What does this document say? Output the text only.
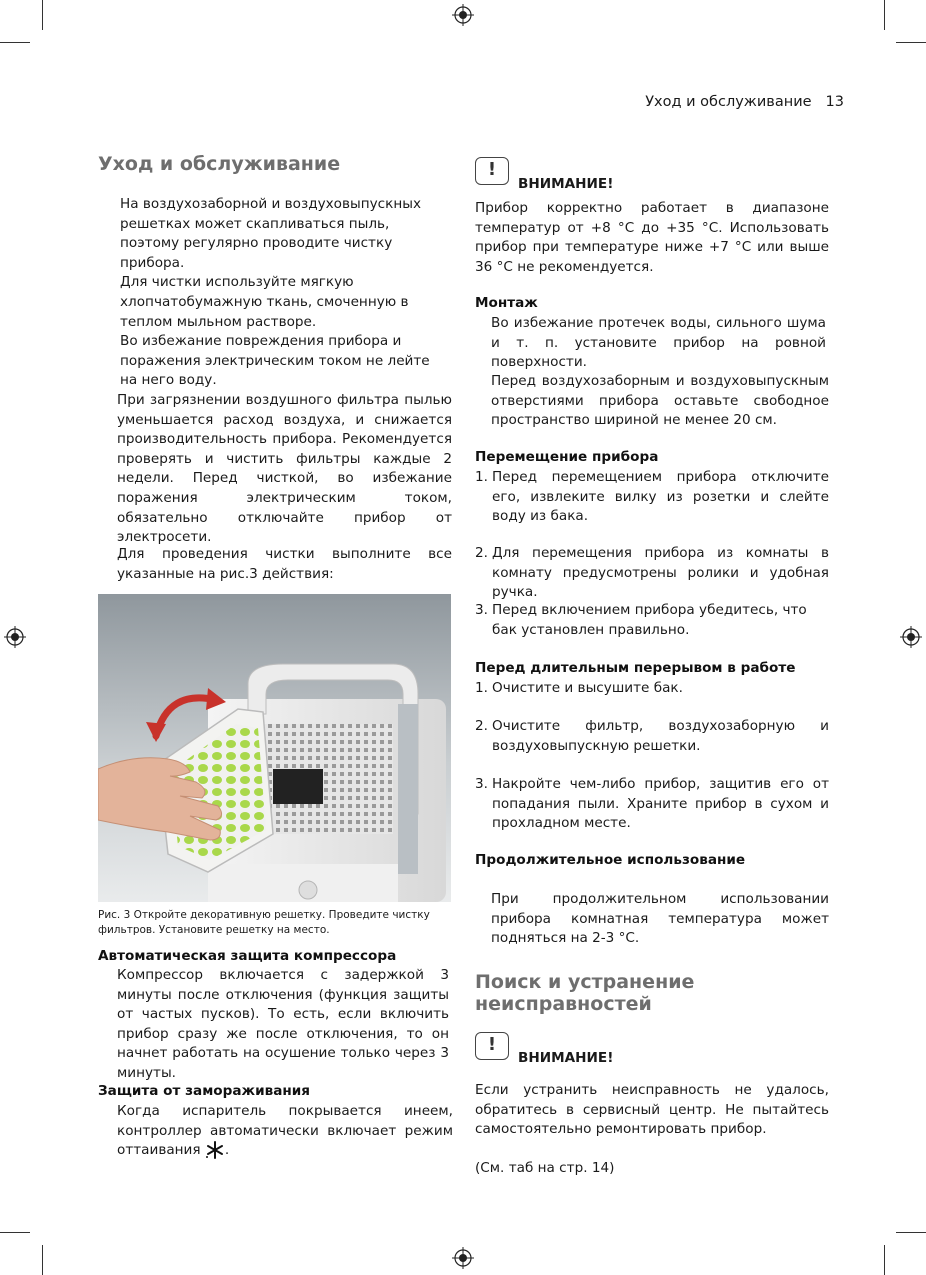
Уход и обслуживание 13
Уход и обслуживание
На воздухозаборной и воздуховыпускных решетках может скапливаться пыль, поэтому регулярно проводите чистку прибора.
Для чистки используйте мягкую хлопчатобумажную ткань, смоченную в теплом мыльном растворе.
Во избежание повреждения прибора и поражения электрическим током не лейте на него воду.
При загрязнении воздушного фильтра пылью уменьшается расход воздуха, и снижается производительность прибора. Рекомендуется проверять и чистить фильтры каждые 2 недели. Перед чисткой, во избежание поражения электрическим током, обязательно отключайте прибор от электросети.
Для проведения чистки выполните все указанные на рис.3 действия:
Рис. 3 Откройте декоративную решетку. Проведите чистку фильтров. Установите решетку на место.
Автоматическая защита компрессора
Компрессор включается с задержкой 3 минуты после отключения (функция защиты от частых пусков). То есть, если включить прибор сразу же после отключения, то он начнет работать на осушение только через 3 минуты.
Защита от замораживания
Когда испаритель покрывается инеем, контроллер автоматически включает режим оттаивания .
!
ВНИМАНИЕ!
Прибор корректно работает в диапазоне температур от +8 °С до +35 °С. Использовать прибор при температуре ниже +7 °С или выше 36 °С не рекомендуется.
Монтаж
Во избежание протечек воды, сильного шума и т. п. установите прибор на ровной поверхности.
Перед воздухозаборным и воздуховыпускным отверстиями прибора оставьте свободное пространство шириной не менее 20 см.
Перемещение прибора
1. Перед перемещением прибора отключите его, извлеките вилку из розетки и слейте воду из бака.
2. Для перемещения прибора из комнаты в комнату предусмотрены ролики и удобная ручка.
3. Перед включением прибора убедитесь, что бак установлен правильно.
Перед длительным перерывом в работе
1. Очистите и высушите бак.
2. Очистите фильтр, воздухозаборную и воздуховыпускную решетки.
3. Накройте чем-либо прибор, защитив его от попадания пыли. Храните прибор в сухом и прохладном месте.
Продолжительное использование
При продолжительном использовании прибора комнатная температура может подняться на 2-3 °С.
Поиск и устранение
неисправностей
!
ВНИМАНИЕ!
Если устранить неисправность не удалось, обратитесь в сервисный центр. Не пытайтесь самостоятельно ремонтировать прибор.
(См. таб на стр. 14)
